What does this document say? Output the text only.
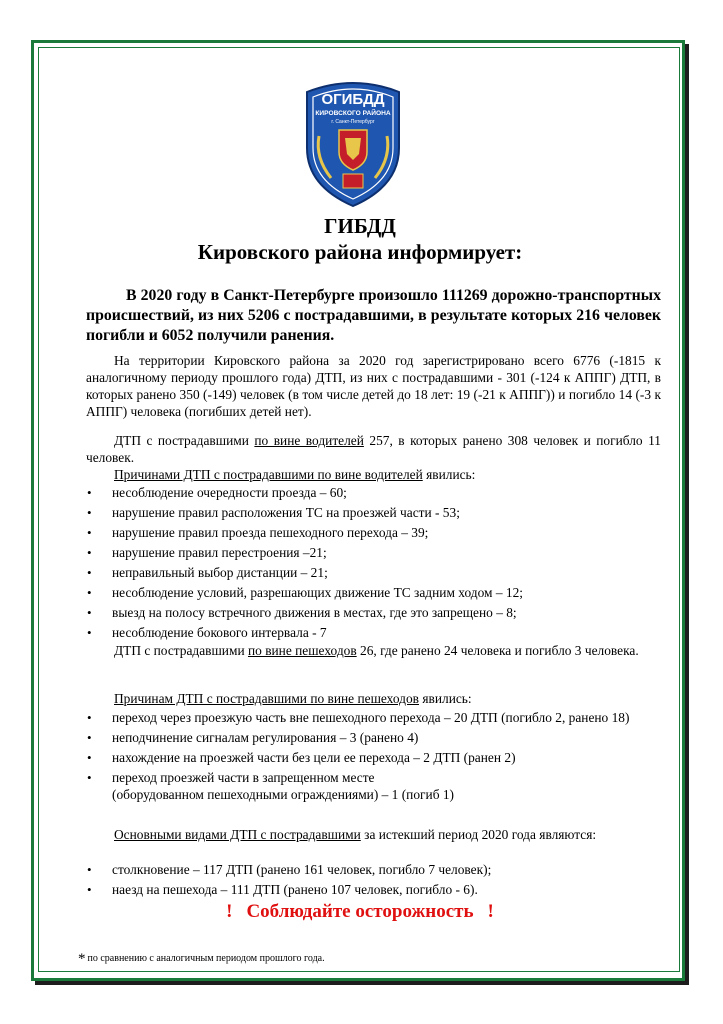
ОГИБДД
КИРОВСКОГО РАЙОНА
г. Санкт-Петербург
ГИБДД
Кировского района информирует:
В 2020 году в Санкт-Петербурге произошло 111269 дорожно-транспортных происшествий, из них 5206 с пострадавшими, в результате которых 216 человек погибли и 6052 получили ранения.
На территории Кировского района за 2020 год зарегистрировано всего 6776 (-1815 к аналогичному периоду прошлого года) ДТП, из них с пострадавшими - 301 (-124 к АППГ) ДТП, в которых ранено 350 (-149) человек (в том числе детей до 18 лет: 19 (-21 к АППГ)) и погибло 14 (-3 к АППГ) человека (погибших детей нет).
ДТП с пострадавшими по вине водителей 257, в которых ранено 308 человек и погибло 11 человек.
Причинами ДТП с пострадавшими по вине водителей явились:
• несоблюдение очередности проезда – 60;
• нарушение правил расположения ТС на проезжей части - 53;
• нарушение правил проезда пешеходного перехода – 39;
• нарушение правил перестроения –21;
• неправильный выбор дистанции – 21;
• несоблюдение условий, разрешающих движение ТС задним ходом – 12;
• выезд на полосу встречного движения в местах, где это запрещено – 8;
• несоблюдение бокового интервала - 7
ДТП с пострадавшими по вине пешеходов 26, где ранено 24 человека и погибло 3 человека.
Причинам ДТП с пострадавшими по вине пешеходов явились:
• переход через проезжую часть вне пешеходного перехода – 20 ДТП (погибло 2, ранено 18)
• неподчинение сигналам регулирования – 3 (ранено 4)
• нахождение на проезжей части без цели ее перехода – 2 ДТП (ранен 2)
• переход проезжей части в запрещенном месте
(оборудованном пешеходными ограждениями) – 1 (погиб 1)
Основными видами ДТП с пострадавшими за истекший период 2020 года являются:
• столкновение – 117 ДТП (ранено 161 человек, погибло 7 человек);
• наезд на пешехода – 111 ДТП (ранено 107 человек, погибло - 6).
! Соблюдайте осторожность !
* по сравнению с аналогичным периодом прошлого года.
